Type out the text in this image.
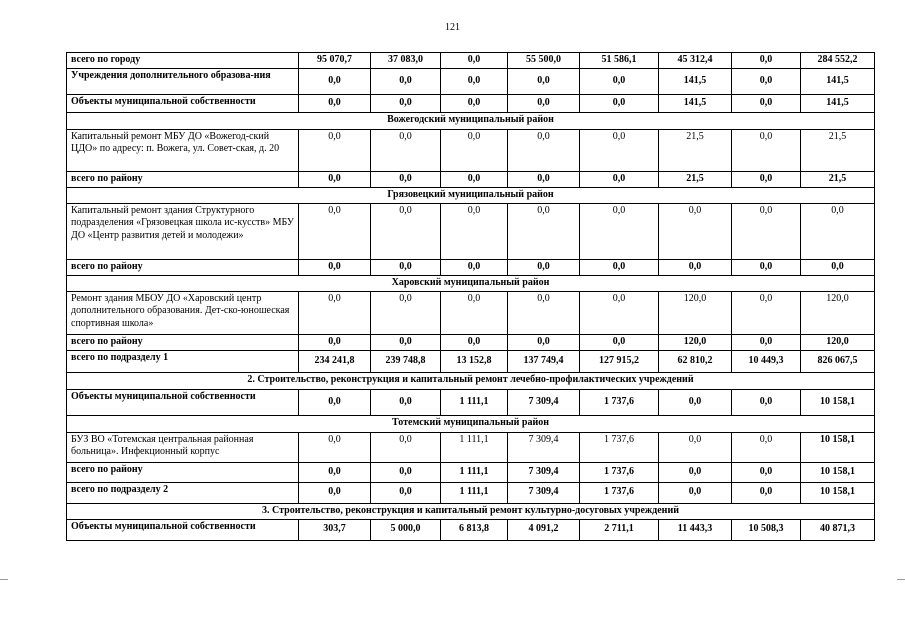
121
всего по городу	95 070,7	37 083,0	0,0	55 500,0	51 586,1	45 312,4	0,0	284 552,2
Учреждения дополнительного образова-ния	0,0	0,0	0,0	0,0	0,0	141,5	0,0	141,5
Объекты муниципальной собственности	0,0	0,0	0,0	0,0	0,0	141,5	0,0	141,5
Вожегодский муниципальный район								
Капитальный ремонт МБУ ДО «Вожегод-ский ЦДО» по адресу: п. Вожега, ул. Совет-ская, д. 20	0,0	0,0	0,0	0,0	0,0	21,5	0,0	21,5
всего по району	0,0	0,0	0,0	0,0	0,0	21,5	0,0	21,5
Грязовецкий муниципальный район								
Капитальный ремонт здания Структурного подразделения «Грязовецкая школа ис-кусств» МБУ ДО «Центр развития детей и молодежи»	0,0	0,0	0,0	0,0	0,0	0,0	0,0	0,0
всего по району	0,0	0,0	0,0	0,0	0,0	0,0	0,0	0,0
Харовский муниципальный район								
Ремонт здания МБОУ ДО «Харовский центр дополнительного образования. Дет-ско-юношеская спортивная школа»	0,0	0,0	0,0	0,0	0,0	120,0	0,0	120,0
всего по району	0,0	0,0	0,0	0,0	0,0	120,0	0,0	120,0
всего по подразделу 1	234 241,8	239 748,8	13 152,8	137 749,4	127 915,2	62 810,2	10 449,3	826 067,5
2. Строительство, реконструкция и капитальный ремонт лечебно-профилактических учреждений								
Объекты муниципальной собственности	0,0	0,0	1 111,1	7 309,4	1 737,6	0,0	0,0	10 158,1
Тотемский муниципальный район								
БУЗ ВО «Тотемская центральная районная больница». Инфекционный корпус	0,0	0,0	1 111,1	7 309,4	1 737,6	0,0	0,0	10 158,1
всего по району	0,0	0,0	1 111,1	7 309,4	1 737,6	0,0	0,0	10 158,1
всего по подразделу 2	0,0	0,0	1 111,1	7 309,4	1 737,6	0,0	0,0	10 158,1
3. Строительство, реконструкция и капитальный ремонт культурно-досуговых учреждений								
Объекты муниципальной собственности	303,7	5 000,0	6 813,8	4 091,2	2 711,1	11 443,3	10 508,3	40 871,3
